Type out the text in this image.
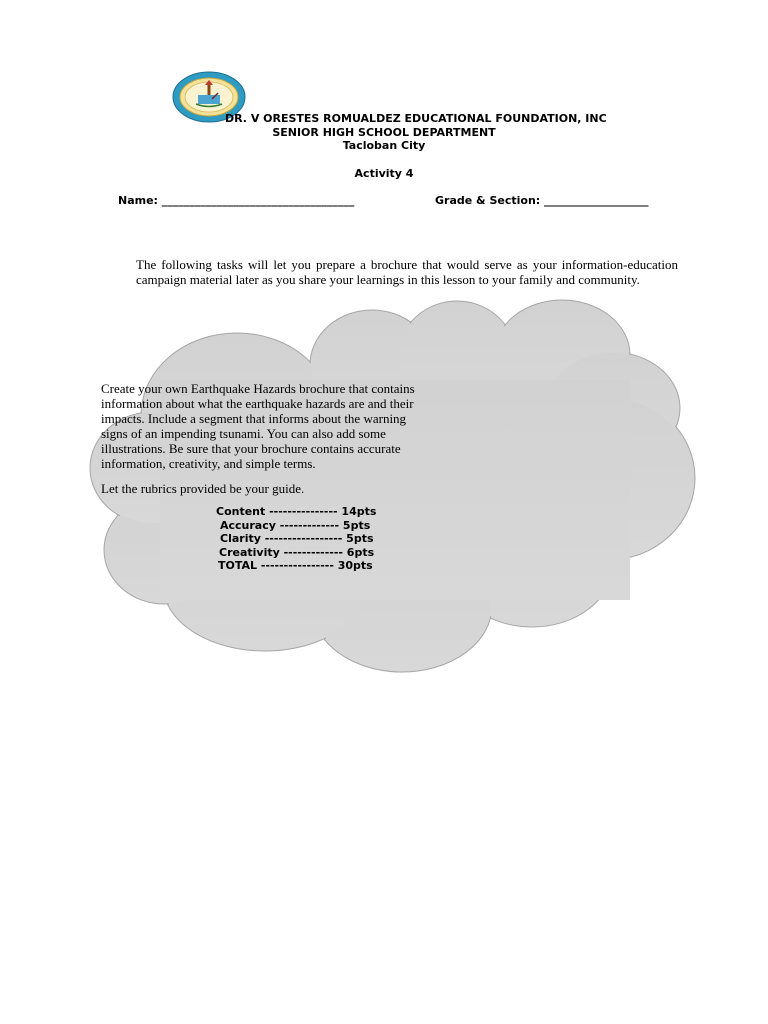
DR. V ORESTES ROMUALDEZ EDUCATIONAL FOUNDATION, INC
SENIOR HIGH SCHOOL DEPARTMENT
Tacloban City
Activity 4
Name: ___________________________________	Grade & Section: ___________________
The following tasks will let you prepare a brochure that would serve as your information-education campaign material later as you share your learnings in this lesson to your family and community.
Create your own Earthquake Hazards brochure that contains
information about what the earthquake hazards are and their
impacts. Include a segment that informs about the warning
signs of an impending tsunami. You can also add some
illustrations. Be sure that your brochure contains accurate
information, creativity, and simple terms.
Let the rubrics provided be your guide.
Content --------------- 14pts
Accuracy ------------- 5pts
Clarity ----------------- 5pts
Creativity ------------- 6pts
TOTAL ---------------- 30pts
